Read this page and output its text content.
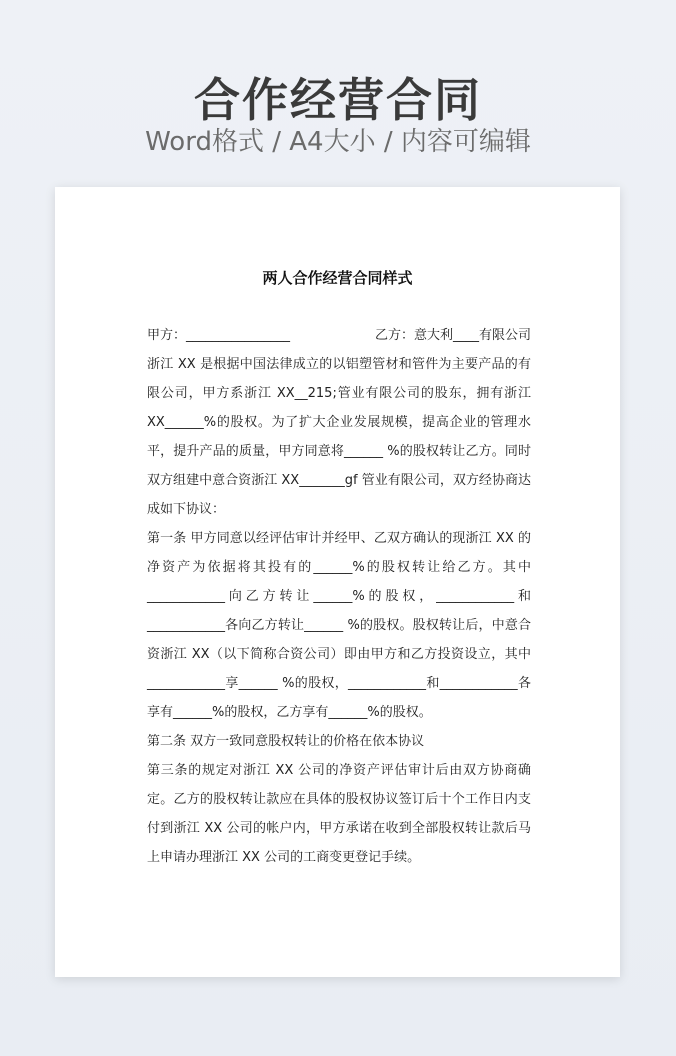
合作经营合同
Word格式 / A4大小 / 内容可编辑
两人合作经营合同样式
甲方：________________	乙方：意大利____有限公司

浙江 XX 是根据中国法律成立的以铝塑管材和管件为主要产品的有限公司，甲方系浙江 XX__215;管业有限公司的股东，拥有浙江 XX______%的股权。为了扩大企业发展规模，提高企业的管理水平，提升产品的质量，甲方同意将______ %的股权转让乙方。同时双方组建中意合资浙江 XX_______gf 管业有限公司，双方经协商达成如下协议：

第一条 甲方同意以经评估审计并经甲、乙双方确认的现浙江 XX 的净资产为依据将其投有的______%的股权转让给乙方。其中____________向乙方转让______%的股权，____________和____________各向乙方转让______ %的股权。股权转让后，中意合资浙江 XX（以下简称合资公司）即由甲方和乙方投资设立，其中____________享______ %的股权，____________和____________各享有______%的股权，乙方享有______%的股权。

第二条 双方一致同意股权转让的价格在依本协议

第三条的规定对浙江 XX 公司的净资产评估审计后由双方协商确定。乙方的股权转让款应在具体的股权协议签订后十个工作日内支付到浙江 XX 公司的帐户内，甲方承诺在收到全部股权转让款后马上申请办理浙江 XX 公司的工商变更登记手续。
